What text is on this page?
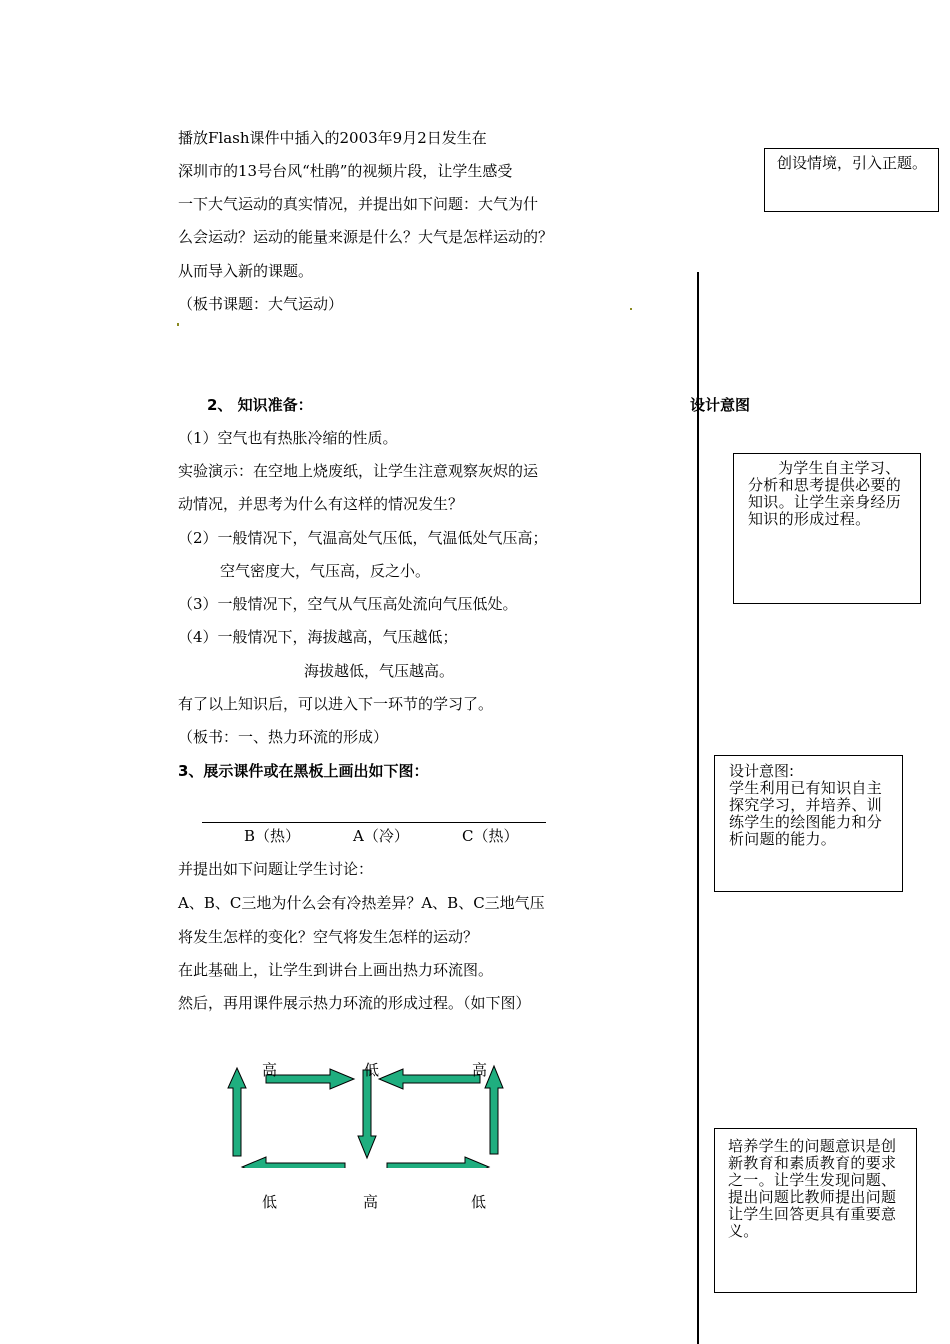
播放Flash课件中插入的2003年9月2日发生在
深圳市的13号台风“杜鹃”的视频片段，让学生感受
一下大气运动的真实情况，并提出如下问题：大气为什
么会运动？运动的能量来源是什么？大气是怎样运动的？
从而导入新的课题。
（板书课题：大气运动）
2、 知识准备：
（1）空气也有热胀冷缩的性质。
实验演示：在空地上烧废纸，让学生注意观察灰烬的运
动情况，并思考为什么有这样的情况发生？
（2）一般情况下，气温高处气压低，气温低处气压高；
空气密度大，气压高，反之小。
（3）一般情况下，空气从气压高处流向气压低处。
（4）一般情况下，海拔越高，气压越低；
海拔越低，气压越高。
有了以上知识后，可以进入下一环节的学习了。
（板书：一、热力环流的形成）
3、展示课件或在黑板上画出如下图：
B（热）	A（冷）	C（热）
并提出如下问题让学生讨论：
A、B、C三地为什么会有冷热差异？A、B、C三地气压
将发生怎样的变化？空气将发生怎样的运动？
在此基础上，让学生到讲台上画出热力环流图。
然后，再用课件展示热力环流的形成过程。（如下图）
高	低	高
低	高	低
设计意图
创设情境，引入正题。
为学生自主学习、分析和思考提供必要的知识。让学生亲身经历知识的形成过程。
设计意图:
学生利用已有知识自主探究学习，并培养、训练学生的绘图能力和分析问题的能力。
培养学生的问题意识是创新教育和素质教育的要求之一。让学生发现问题、提出问题比教师提出问题让学生回答更具有重要意义。
